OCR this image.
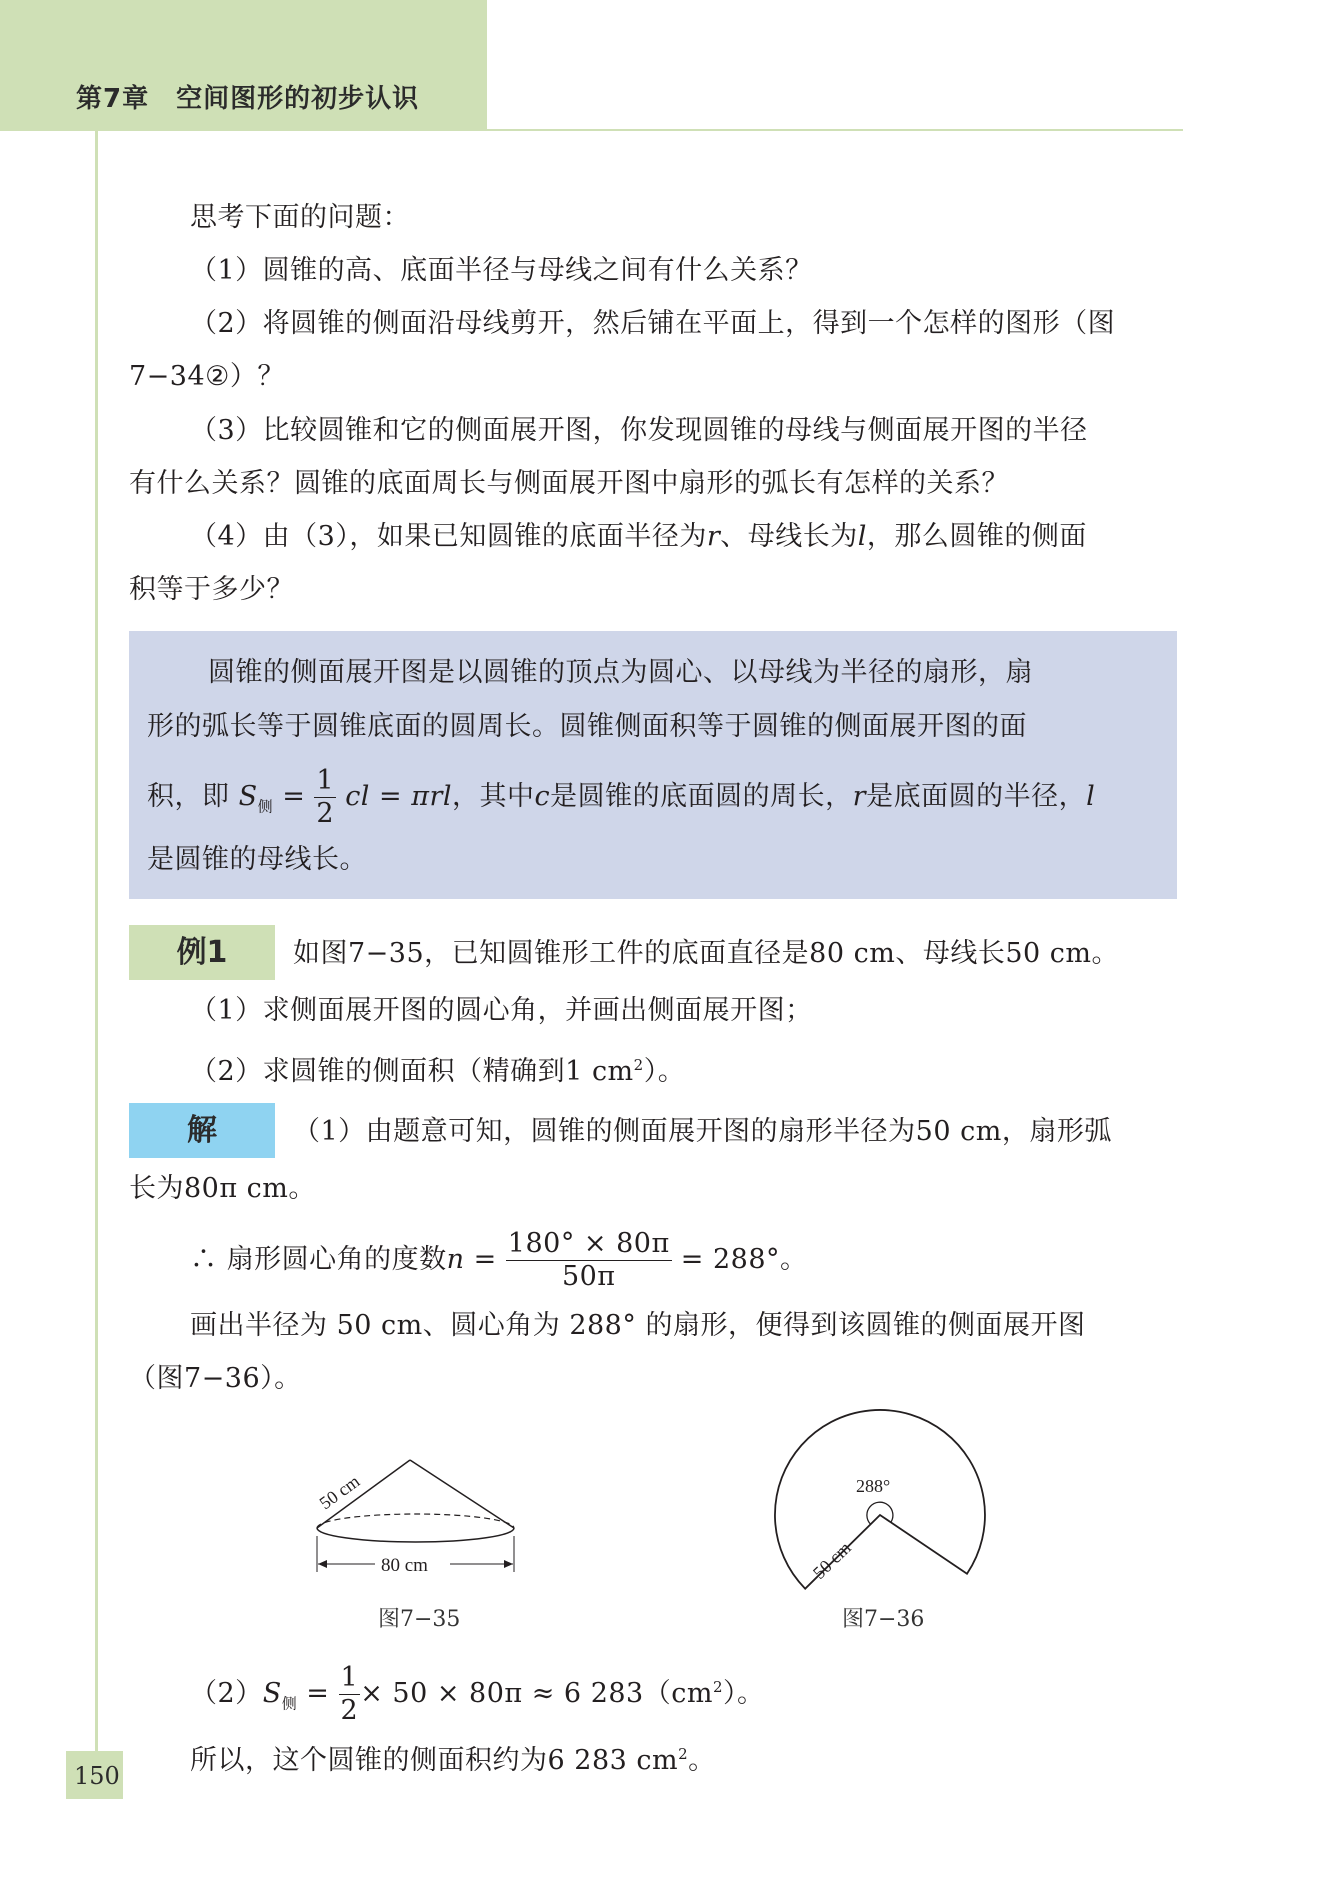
第7章　空间图形的初步认识
思考下面的问题：
（1）圆锥的高、底面半径与母线之间有什么关系？
（2）将圆锥的侧面沿母线剪开，然后铺在平面上，得到一个怎样的图形（图
7−34②）？
（3）比较圆锥和它的侧面展开图，你发现圆锥的母线与侧面展开图的半径
有什么关系？圆锥的底面周长与侧面展开图中扇形的弧长有怎样的关系？
（4）由（3），如果已知圆锥的底面半径为r、母线长为l，那么圆锥的侧面
积等于多少？
圆锥的侧面展开图是以圆锥的顶点为圆心、以母线为半径的扇形，扇
形的弧长等于圆锥底面的圆周长。圆锥侧面积等于圆锥的侧面展开图的面
积，即 $S_侧 = \frac{1}{2}$ cl = πrl，其中c是圆锥的底面圆的周长，r是底面圆的半径，l
是圆锥的母线长。
例1	如图7−35，已知圆锥形工件的底面直径是80 cm、母线长50 cm。
（1）求侧面展开图的圆心角，并画出侧面展开图；
（2）求圆锥的侧面积（精确到1 $cm^2$）。
解	（1）由题意可知，圆锥的侧面展开图的扇形半径为50 cm，扇形弧
长为80π cm。
∴ 扇形圆心角的度数$n = \frac{180^\circ \times 80\pi}{50\pi} = 288^\circ$。
画出半径为 50 cm、圆心角为 288° 的扇形，便得到该圆锥的侧面展开图
（图7−36）。
80 cm
50 cm
图7−35
288°
50 cm
图7−36
$(2)S_侧 = \frac{1}{2} \times 50 \times 80\pi \approx 6$ $283(cm^2)$。
所以，这个圆锥的侧面积约为6 283 $cm^2$。
150
